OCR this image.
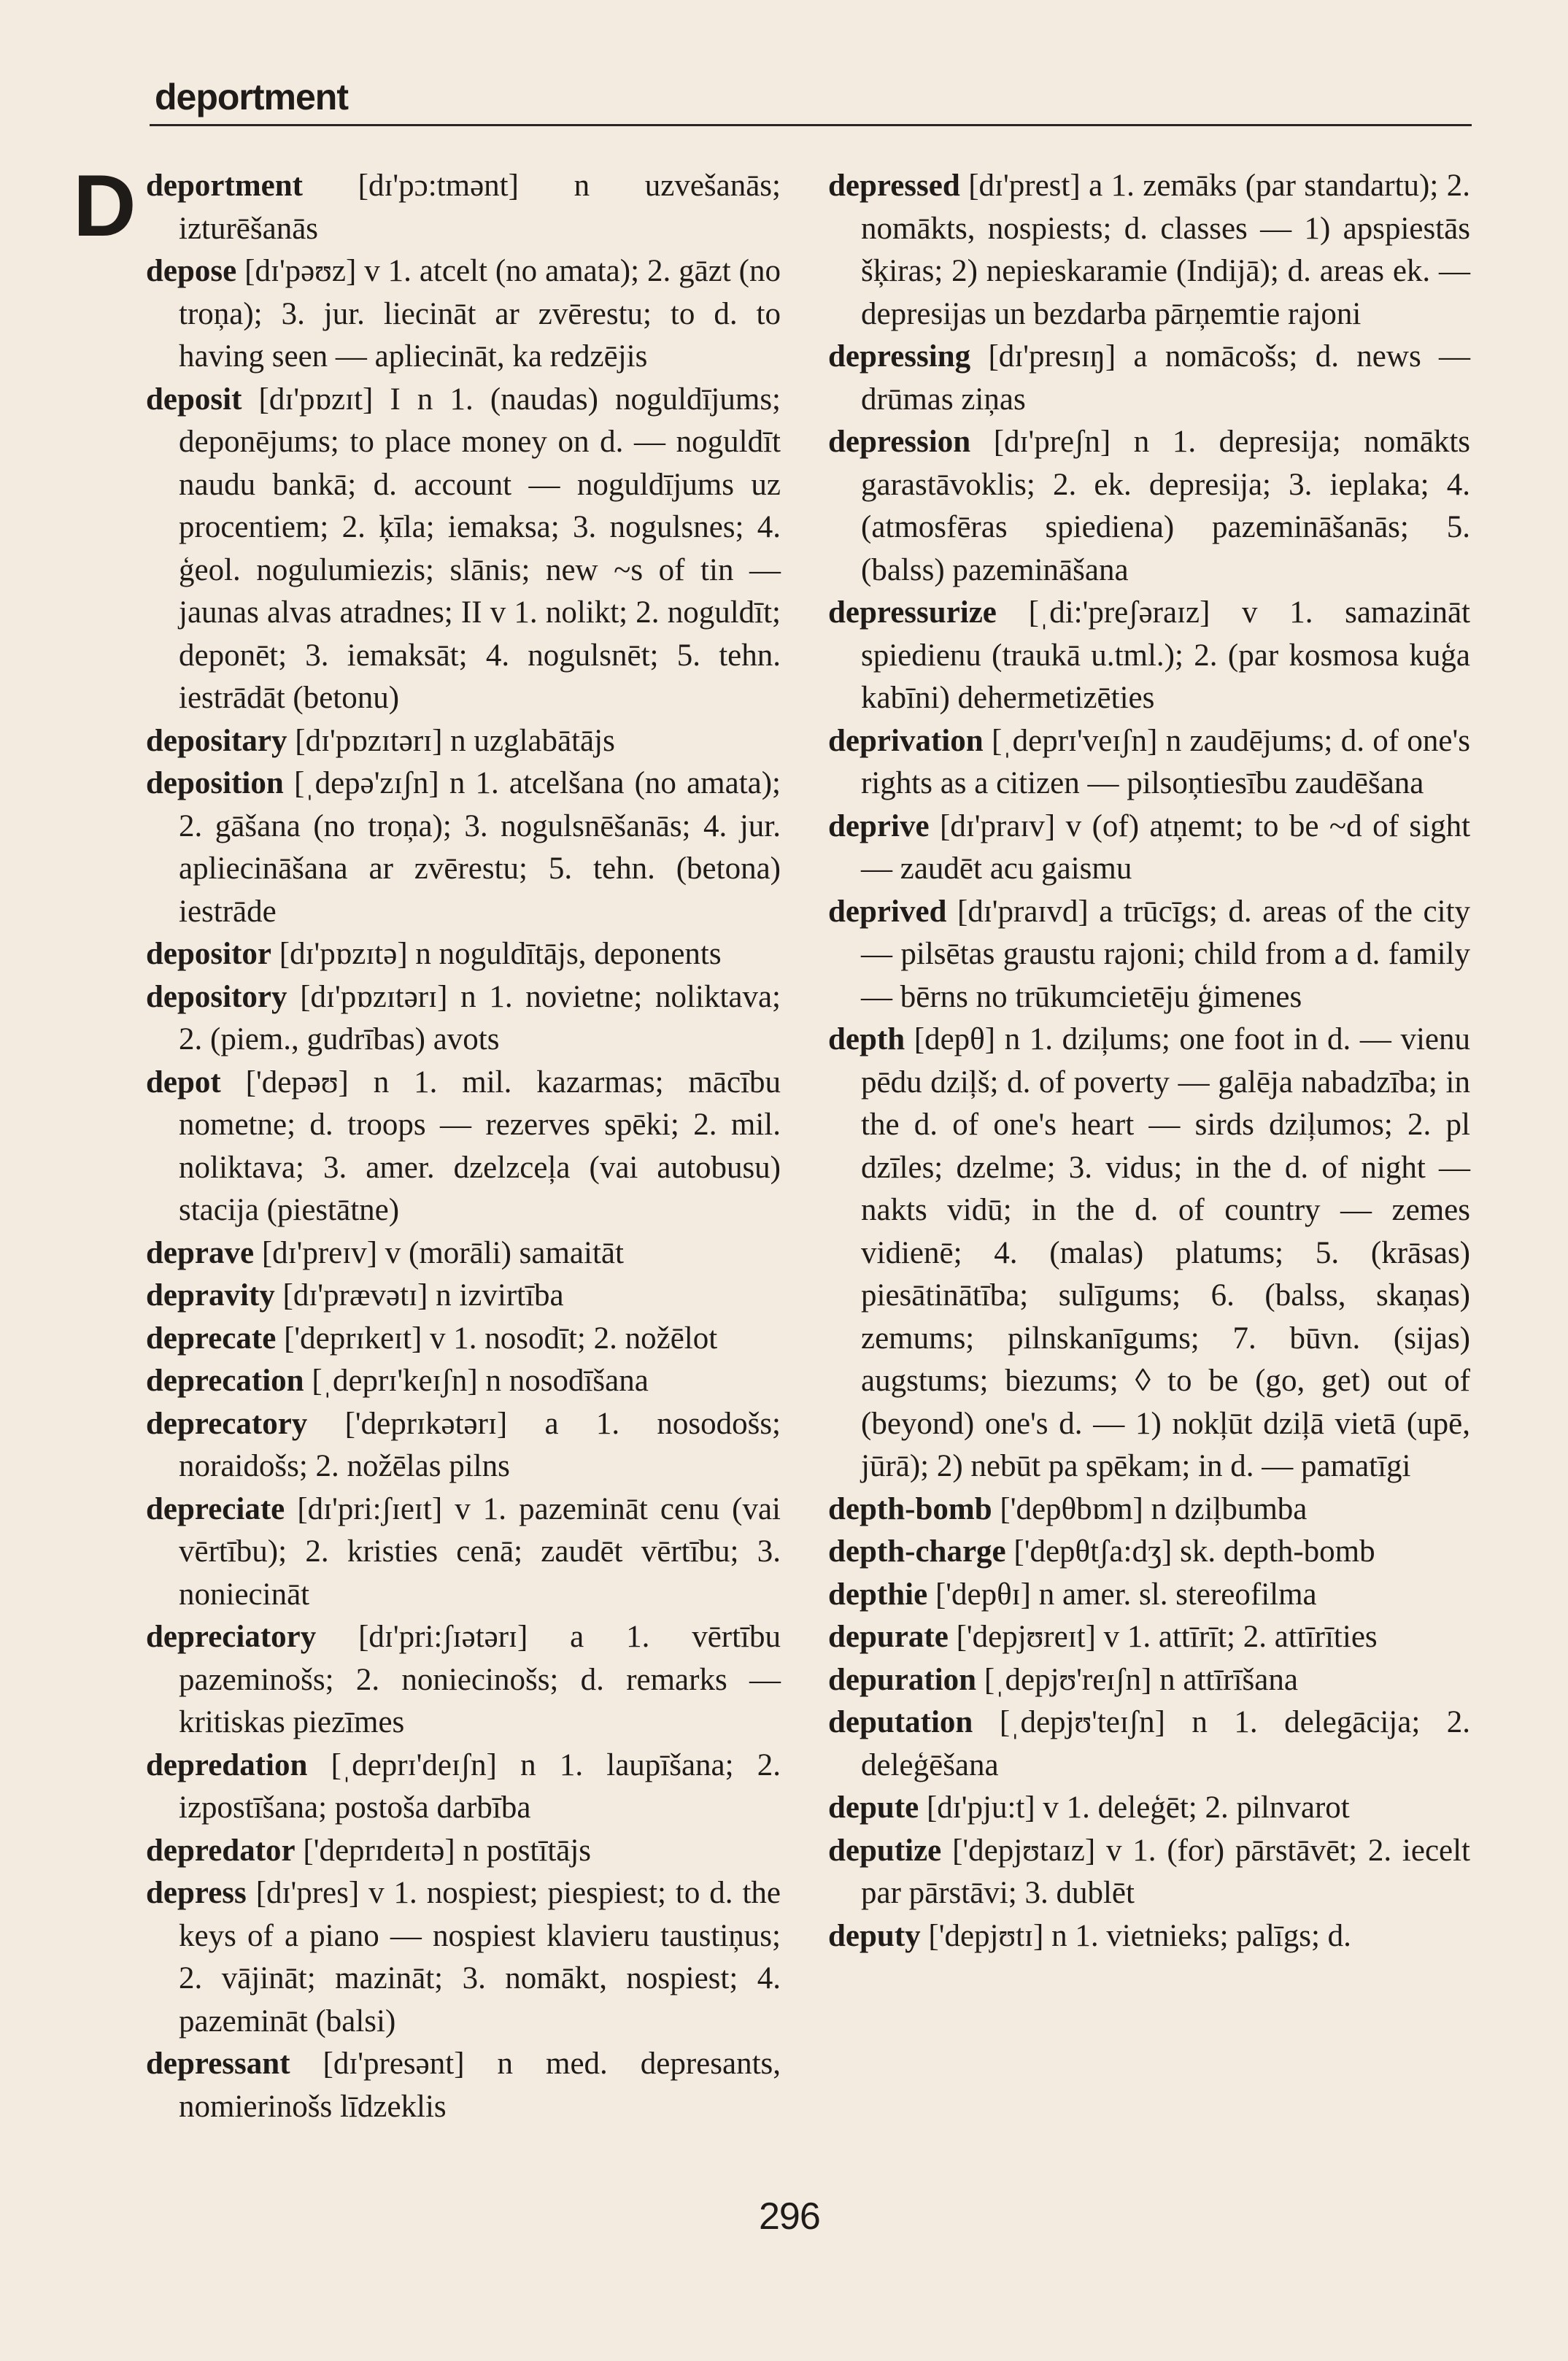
deportment
D deportment [dɪ'pɔ:tmənt] n uzvešanās; izturēšanās

depose [dɪ'pəʊz] v 1. atcelt (no amata); 2. gāzt (no troņa); 3. jur. liecināt ar zvērestu; to d. to having seen — apliecināt, ka redzējis

deposit [dɪ'pɒzɪt] I n 1. (naudas) noguldījums; deponējums; to place money on d. — noguldīt naudu bankā; d. account — noguldījums uz procentiem; 2. ķīla; iemaksa; 3. nogulsnes; 4. ģeol. nogulumiezis; slānis; new ~s of tin — jaunas alvas atradnes; II v 1. nolikt; 2. noguldīt; deponēt; 3. iemaksāt; 4. nogulsnēt; 5. tehn. iestrādāt (betonu)

depositary [dɪ'pɒzɪtərɪ] n uzglabātājs

deposition [ˌdepə'zɪʃn] n 1. atcelšana (no amata); 2. gāšana (no troņa); 3. nogulsnēšanās; 4. jur. apliecināšana ar zvērestu; 5. tehn. (betona) iestrāde

depositor [dɪ'pɒzɪtə] n noguldītājs, deponents

depository [dɪ'pɒzɪtərɪ] n 1. novietne; noliktava; 2. (piem., gudrības) avots

depot ['depəʊ] n 1. mil. kazarmas; mācību nometne; d. troops — rezerves spēki; 2. mil. noliktava; 3. amer. dzelzceļa (vai autobusu) stacija (piestātne)

deprave [dɪ'preɪv] v (morāli) samaitāt

depravity [dɪ'prævətɪ] n izvirtība

deprecate ['deprɪkeɪt] v 1. nosodīt; 2. nožēlot

deprecation [ˌdeprɪ'keɪʃn] n nosodīšana

deprecatory ['deprɪkətərɪ] a 1. nosodošs; noraidošs; 2. nožēlas pilns

depreciate [dɪ'pri:ʃɪeɪt] v 1. pazemināt cenu (vai vērtību); 2. kristies cenā; zaudēt vērtību; 3. noniecināt

depreciatory [dɪ'pri:ʃɪətərɪ] a 1. vērtību pazeminošs; 2. noniecinošs; d. remarks — kritiskas piezīmes

depredation [ˌdeprɪ'deɪʃn] n 1. laupīšana; 2. izpostīšana; postoša darbība

depredator ['deprɪdeɪtə] n postītājs

depress [dɪ'pres] v 1. nospiest; piespiest; to d. the keys of a piano — nospiest klavieru taustiņus; 2. vājināt; mazināt; 3. nomākt, nospiest; 4. pazemināt (balsi)

depressant [dɪ'presənt] n med. depresants, nomierinošs līdzeklis

depressed [dɪ'prest] a 1. zemāks (par standartu); 2. nomākts, nospiests; d. classes — 1) apspiestās šķiras; 2) nepieskaramie (Indijā); d. areas ek. — depresijas un bezdarba pārņemtie rajoni

depressing [dɪ'presɪŋ] a nomācošs; d. news — drūmas ziņas

depression [dɪ'preʃn] n 1. depresija; nomākts garastāvoklis; 2. ek. depresija; 3. ieplaka; 4. (atmosfēras spiediena) pazemināšanās; 5. (balss) pazemināšana

depressurize [ˌdi:'preʃəraɪz] v 1. samazināt spiedienu (traukā u.tml.); 2. (par kosmosa kuģa kabīni) dehermetizēties

deprivation [ˌdeprɪ'veɪʃn] n zaudējums; d. of one's rights as a citizen — pilsoņtiesību zaudēšana

deprive [dɪ'praɪv] v (of) atņemt; to be ~d of sight — zaudēt acu gaismu

deprived [dɪ'praɪvd] a trūcīgs; d. areas of the city — pilsētas graustu rajoni; child from a d. family — bērns no trūkumcietēju ģimenes

depth [depθ] n 1. dziļums; one foot in d. — vienu pēdu dziļš; d. of poverty — galēja nabadzība; in the d. of one's heart — sirds dziļumos; 2. pl dzīles; dzelme; 3. vidus; in the d. of night — nakts vidū; in the d. of country — zemes vidienē; 4. (malas) platums; 5. (krāsas) piesātinātība; sulīgums; 6. (balss, skaņas) zemums; pilnskanīgums; 7. būvn. (sijas) augstums; biezums; ◊ to be (go, get) out of (beyond) one's d. — 1) nokļūt dziļā vietā (upē, jūrā); 2) nebūt pa spēkam; in d. — pamatīgi

depth-bomb ['depθbɒm] n dziļbumba

depth-charge ['depθtʃa:dʒ] sk. depth-bomb

depthie ['depθɪ] n amer. sl. stereofilma

depurate ['depjʊreɪt] v 1. attīrīt; 2. attīrīties

depuration [ˌdepjʊ'reɪʃn] n attīrīšana

deputation [ˌdepjʊ'teɪʃn] n 1. delegācija; 2. deleģēšana

depute [dɪ'pju:t] v 1. deleģēt; 2. pilnvarot

deputize ['depjʊtaɪz] v 1. (for) pārstāvēt; 2. iecelt par pārstāvi; 3. dublēt

deputy ['depjʊtɪ] n 1. vietnieks; palīgs; d.

296
